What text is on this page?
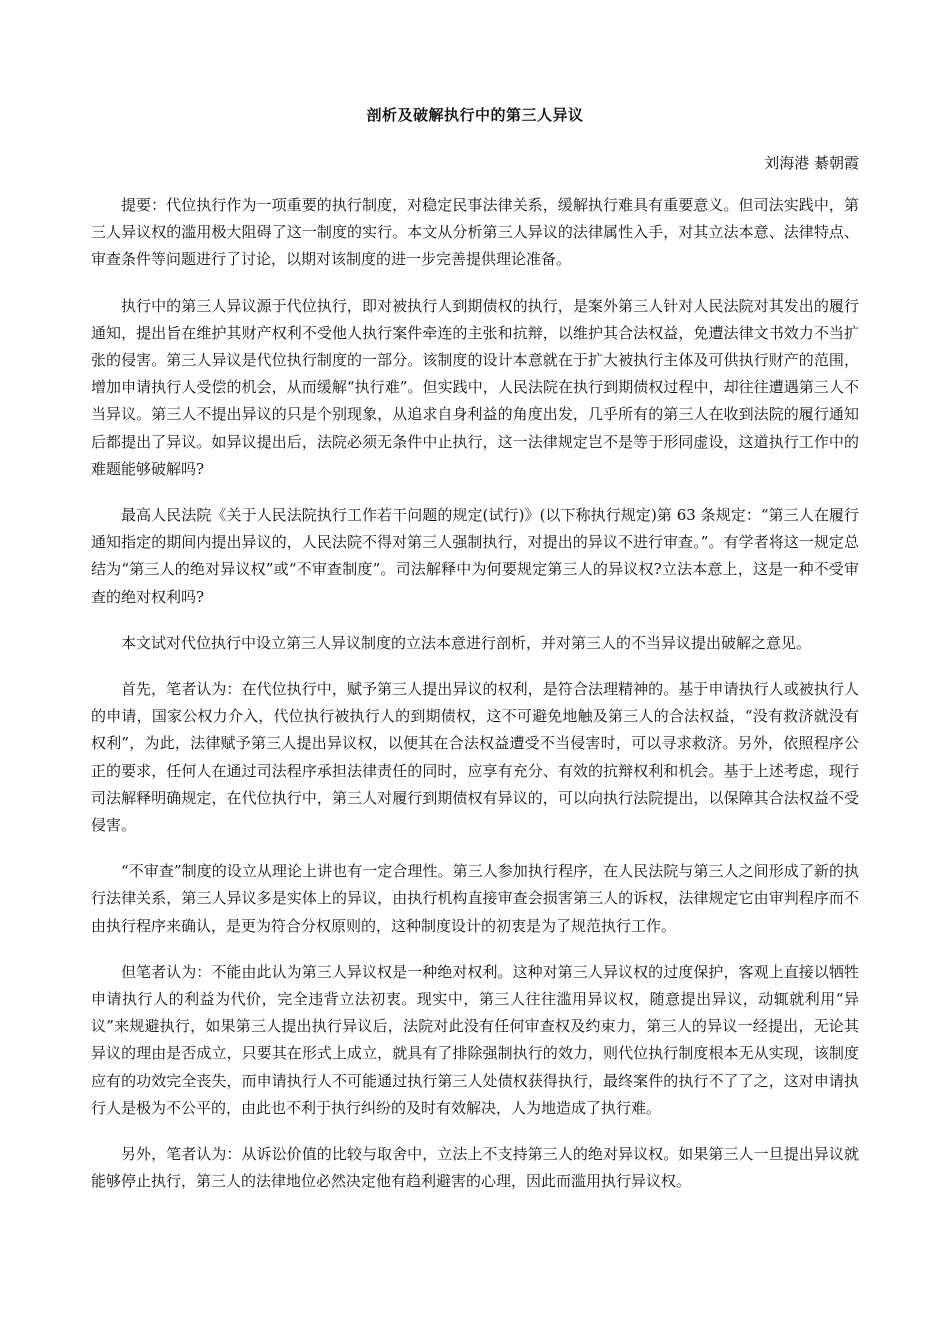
剖析及破解执行中的第三人异议
刘海港 綦朝霞

提要：代位执行作为一项重要的执行制度，对稳定民事法律关系，缓解执行难具有重要意义。但司法实践中，第三人异议权的滥用极大阻碍了这一制度的实行。本文从分析第三人异议的法律属性入手，对其立法本意、法律特点、审查条件等问题进行了讨论，以期对该制度的进一步完善提供理论准备。

执行中的第三人异议源于代位执行，即对被执行人到期债权的执行，是案外第三人针对人民法院对其发出的履行通知，提出旨在维护其财产权利不受他人执行案件牵连的主张和抗辩，以维护其合法权益，免遭法律文书效力不当扩张的侵害。第三人异议是代位执行制度的一部分。该制度的设计本意就在于扩大被执行主体及可供执行财产的范围，增加申请执行人受偿的机会，从而缓解“执行难”。但实践中，人民法院在执行到期债权过程中，却往往遭遇第三人不当异议。第三人不提出异议的只是个别现象，从追求自身利益的角度出发，几乎所有的第三人在收到法院的履行通知后都提出了异议。如异议提出后，法院必须无条件中止执行，这一法律规定岂不是等于形同虚设，这道执行工作中的难题能够破解吗?

最高人民法院《关于人民法院执行工作若干问题的规定(试行)》(以下称执行规定)第 63 条规定：“第三人在履行通知指定的期间内提出异议的，人民法院不得对第三人强制执行，对提出的异议不进行审查。”。有学者将这一规定总结为“第三人的绝对异议权”或“不审查制度”。司法解释中为何要规定第三人的异议权?立法本意上，这是一种不受审查的绝对权利吗?

本文试对代位执行中设立第三人异议制度的立法本意进行剖析，并对第三人的不当异议提出破解之意见。

首先，笔者认为：在代位执行中，赋予第三人提出异议的权利，是符合法理精神的。基于申请执行人或被执行人的申请，国家公权力介入，代位执行被执行人的到期债权，这不可避免地触及第三人的合法权益，“没有救济就没有权利”，为此，法律赋予第三人提出异议权，以便其在合法权益遭受不当侵害时，可以寻求救济。另外，依照程序公正的要求，任何人在通过司法程序承担法律责任的同时，应享有充分、有效的抗辩权利和机会。基于上述考虑，现行司法解释明确规定，在代位执行中，第三人对履行到期债权有异议的，可以向执行法院提出，以保障其合法权益不受侵害。

“不审查”制度的设立从理论上讲也有一定合理性。第三人参加执行程序，在人民法院与第三人之间形成了新的执行法律关系，第三人异议多是实体上的异议，由执行机构直接审查会损害第三人的诉权，法律规定它由审判程序而不由执行程序来确认，是更为符合分权原则的，这种制度设计的初衷是为了规范执行工作。

但笔者认为：不能由此认为第三人异议权是一种绝对权利。这种对第三人异议权的过度保护，客观上直接以牺牲申请执行人的利益为代价，完全违背立法初衷。现实中，第三人往往滥用异议权，随意提出异议，动辄就利用“异议”来规避执行，如果第三人提出执行异议后，法院对此没有任何审查权及约束力，第三人的异议一经提出，无论其异议的理由是否成立，只要其在形式上成立，就具有了排除强制执行的效力，则代位执行制度根本无从实现，该制度应有的功效完全丧失，而申请执行人不可能通过执行第三人处债权获得执行，最终案件的执行不了了之，这对申请执行人是极为不公平的，由此也不利于执行纠纷的及时有效解决，人为地造成了执行难。

另外，笔者认为：从诉讼价值的比较与取舍中，立法上不支持第三人的绝对异议权。如果第三人一旦提出异议就能够停止执行，第三人的法律地位必然决定他有趋利避害的心理，因此而滥用执行异议权。
